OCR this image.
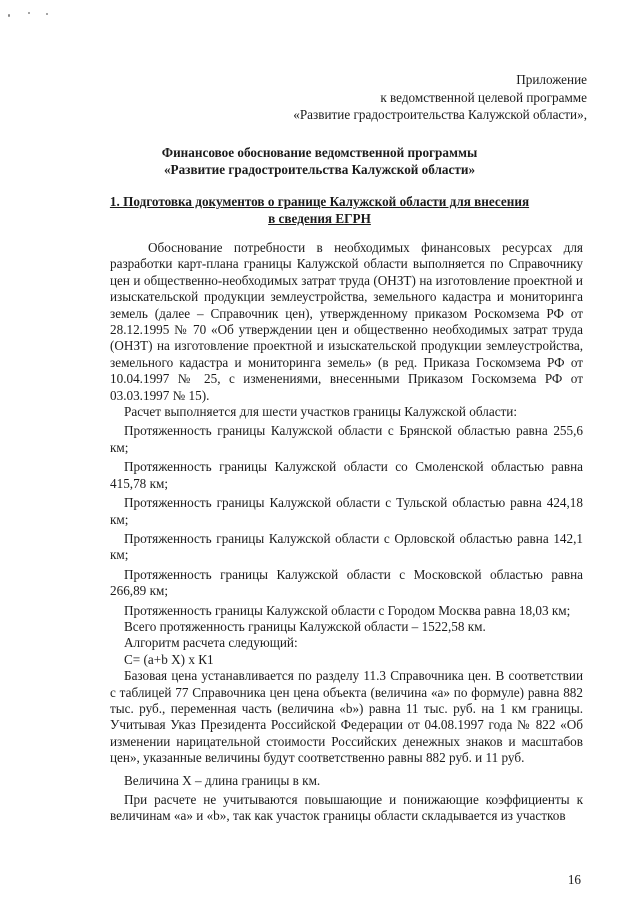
Приложение
к ведомственной целевой программе
«Развитие градостроительства Калужской области»,
Финансовое обоснование ведомственной программы
«Развитие градостроительства Калужской области»
1. Подготовка документов о границе Калужской области для внесения
в сведения ЕГРН

Обоснование потребности в необходимых финансовых ресурсах для разработки карт-плана границы Калужской области выполняется по Справочнику цен и общественно-необходимых затрат труда (ОНЗТ) на изготовление проектной и изыскательской продукции землеустройства, земельного кадастра и мониторинга земель (далее – Справочник цен), утвержденному приказом Роскомзема РФ от 28.12.1995 № 70 «Об утверждении цен и общественно необходимых затрат труда (ОНЗТ) на изготовление проектной и изыскательской продукции землеустройства, земельного кадастра и мониторинга земель» (в ред. Приказа Госкомзема РФ от 10.04.1997 № 25, с изменениями, внесенными Приказом Госкомзема РФ от 03.03.1997 № 15).

Расчет выполняется для шести участков границы Калужской области:

Протяженность границы Калужской области с Брянской областью равна 255,6 км;

Протяженность границы Калужской области со Смоленской областью равна 415,78 км;

Протяженность границы Калужской области с Тульской областью равна 424,18 км;

Протяженность границы Калужской области с Орловской областью равна 142,1 км;

Протяженность границы Калужской области с Московской областью равна 266,89 км;

Протяженность границы Калужской области с Городом Москва равна 18,03 км;

Всего протяженность границы Калужской области – 1522,58 км.

Алгоритм расчета следующий:

С= (а+b Х) х К1

Базовая цена устанавливается по разделу 11.3 Справочника цен. В соответствии с таблицей 77 Справочника цен цена объекта (величина «а» по формуле) равна 882 тыс. руб., переменная часть (величина «b») равна 11 тыс. руб. на 1 км границы. Учитывая Указ Президента Российской Федерации от 04.08.1997 года № 822 «Об изменении нарицательной стоимости Российских денежных знаков и масштабов цен», указанные величины будут соответственно равны 882 руб. и 11 руб.

Величина Х – длина границы в км.

При расчете не учитываются повышающие и понижающие коэффициенты к величинам «а» и «b», так как участок границы области складывается из участков

16
